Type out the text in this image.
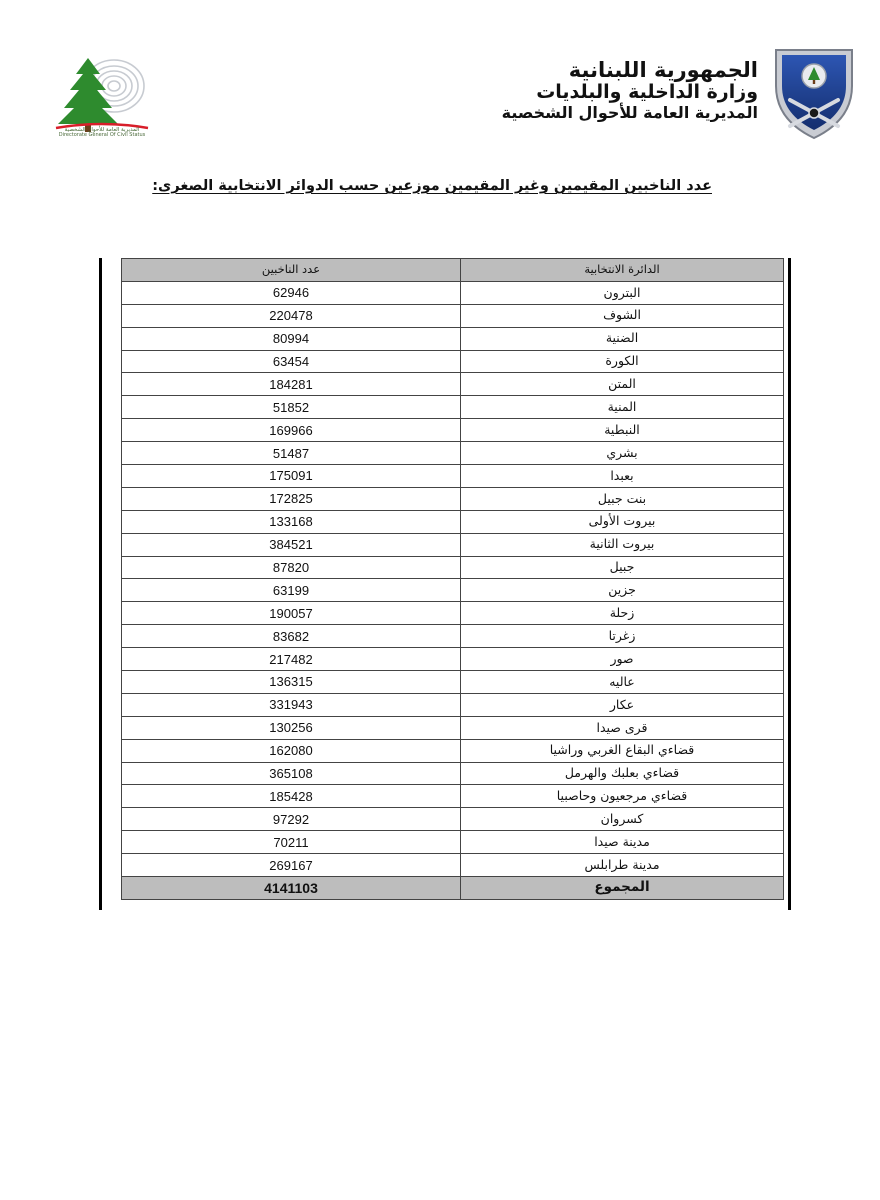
الجمهورية اللبنانية
وزارة الداخلية والبلديات
المديرية العامة للأحوال الشخصية
المديرية العامة للأحوال الشخصية
Directorate General Of Civil Status
عدد الناخبين المقيمين وغير المقيمين موزعين حسب الدوائر الانتخابية الصغرى:
الدائرة الانتخابية	عدد الناخبين
البترون	62946
الشوف	220478
الضنية	80994
الكورة	63454
المتن	184281
المنية	51852
النبطية	169966
بشري	51487
بعبدا	175091
بنت جبيل	172825
بيروت الأولى	133168
بيروت الثانية	384521
جبيل	87820
جزين	63199
زحلة	190057
زغرتا	83682
صور	217482
عاليه	136315
عكار	331943
قرى صيدا	130256
قضاءي البقاع الغربي وراشيا	162080
قضاءي بعلبك والهرمل	365108
قضاءي مرجعيون وحاصبيا	185428
كسروان	97292
مدينة صيدا	70211
مدينة طرابلس	269167
المجموع	4141103
